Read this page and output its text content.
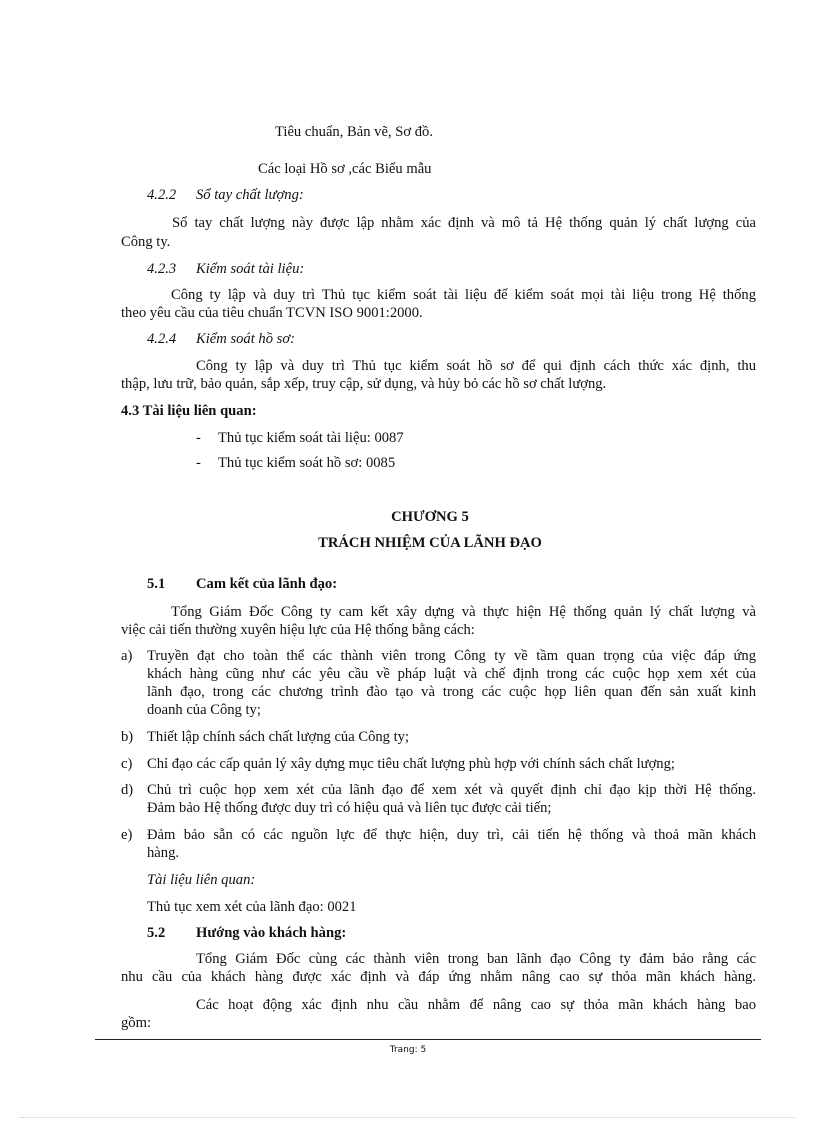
Tiêu chuẩn, Bản vẽ, Sơ đồ.
Các loại Hồ sơ ,các Biểu mẫu
4.2.2 Sổ tay chất lượng:
Sổ tay chất lượng này được lập nhằm xác định và mô tả Hệ thống quản lý chất lượng của
Công ty.
4.2.3 Kiểm soát tài liệu:
Công ty lập và duy trì Thủ tục kiểm soát tài liệu để kiểm soát mọi tài liệu trong Hệ thống
theo yêu cầu của tiêu chuẩn TCVN ISO 9001:2000.
4.2.4 Kiểm soát hồ sơ:
Công ty lập và duy trì Thủ tục kiểm soát hồ sơ để qui định cách thức xác định, thu
thập, lưu trữ, bảo quản, sắp xếp, truy cập, sử dụng, và hủy bỏ các hồ sơ chất lượng.
4.3 Tài liệu liên quan:
- Thủ tục kiểm soát tài liệu: 0087
- Thủ tục kiểm soát hồ sơ: 0085
CHƯƠNG 5
TRÁCH NHIỆM CỦA LÃNH ĐẠO
5.1 Cam kết của lãnh đạo:
Tổng Giám Đốc Công ty cam kết xây dựng và thực hiện Hệ thống quản lý chất lượng và
việc cải tiến thường xuyên hiệu lực của Hệ thống bằng cách:
a) Truyền đạt cho toàn thể các thành viên trong Công ty về tầm quan trọng của việc đáp ứng
khách hàng cũng như các yêu cầu về pháp luật và chế định trong các cuộc họp xem xét của
lãnh đạo, trong các chương trình đào tạo và trong các cuộc họp liên quan đến sản xuất kinh
doanh của Công ty;
b) Thiết lập chính sách chất lượng của Công ty;
c) Chỉ đạo các cấp quản lý xây dựng mục tiêu chất lượng phù hợp với chính sách chất lượng;
d) Chủ trì cuộc họp xem xét của lãnh đạo để xem xét và quyết định chỉ đạo kịp thời Hệ thống.
Đảm bảo Hệ thống được duy trì có hiệu quả và liên tục được cải tiến;
e) Đảm bảo sẵn có các nguồn lực để thực hiện, duy trì, cải tiến hệ thống và thoả mãn khách
hàng.
Tài liệu liên quan:
Thủ tục xem xét của lãnh đạo: 0021
5.2 Hướng vào khách hàng:
Tổng Giám Đốc cùng các thành viên trong ban lãnh đạo Công ty đảm bảo rằng các
nhu cầu của khách hàng được xác định và đáp ứng nhằm nâng cao sự thỏa mãn khách hàng.
Các hoạt động xác định nhu cầu nhằm để nâng cao sự thỏa mãn khách hàng bao
gồm:
Trang: 5
